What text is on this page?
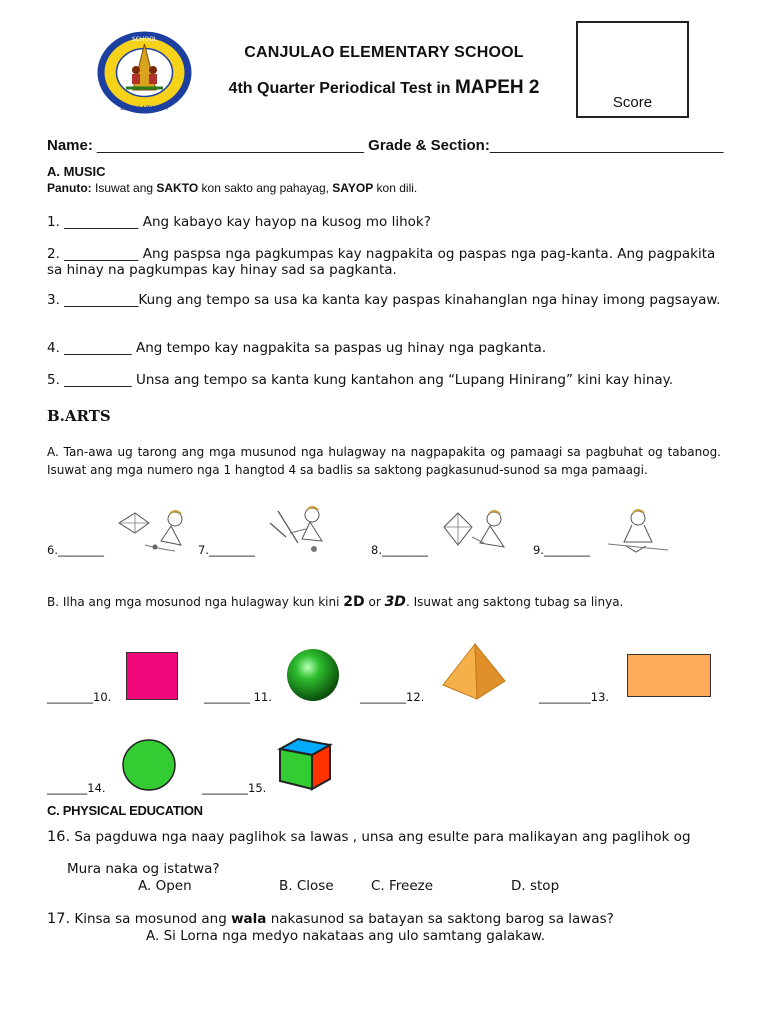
SCHOOL
LAPU-LAPU CITY
CANJULAO ELEMENTARY SCHOOL
4th Quarter Periodical Test in MAPEH 2
Score
Name: ________________________________ Grade & Section:____________________________
A. MUSIC
Panuto: Isuwat ang SAKTO kon sakto ang pahayag, SAYOP kon dili.
1. ___________ Ang kabayo kay hayop na kusog mo lihok?
2. ___________ Ang paspsa nga pagkumpas kay nagpakita og paspas nga pag-kanta. Ang pagpakita sa hinay na pagkumpas kay hinay sad sa pagkanta.
3. ___________Kung ang tempo sa usa ka kanta kay paspas kinahanglan nga hinay imong pagsayaw.
4. __________ Ang tempo kay nagpakita sa paspas ug hinay nga pagkanta.
5. __________ Unsa ang tempo sa kanta kung kantahon ang “Lupang Hinirang” kini kay hinay.
B.ARTS
A. Tan-awa ug tarong ang mga musunod nga hulagway na nagpapakita og pamaagi sa pagbuhat og tabanog. Isuwat ang mga numero nga 1 hangtod 4 sa badlis sa saktong pagkasunud-sunod sa mga pamaagi.
6.________	7.________	8.________	9.________
B. Ilha ang mga mosunod nga hulagway kun kini 2D or 3D. Isuwat ang saktong tubag sa linya.
________10.	________ 11.	________12.	_________13.
_______14.	________15.
C. PHYSICAL EDUCATION
16. Sa pagduwa nga naay paglihok sa lawas , unsa ang esulte para malikayan ang paglihok og
Mura naka og istatwa?
A. Open	B. Close	C. Freeze	D. stop
17. Kinsa sa mosunod ang wala nakasunod sa batayan sa saktong barog sa lawas?
A. Si Lorna nga medyo nakataas ang ulo samtang galakaw.
